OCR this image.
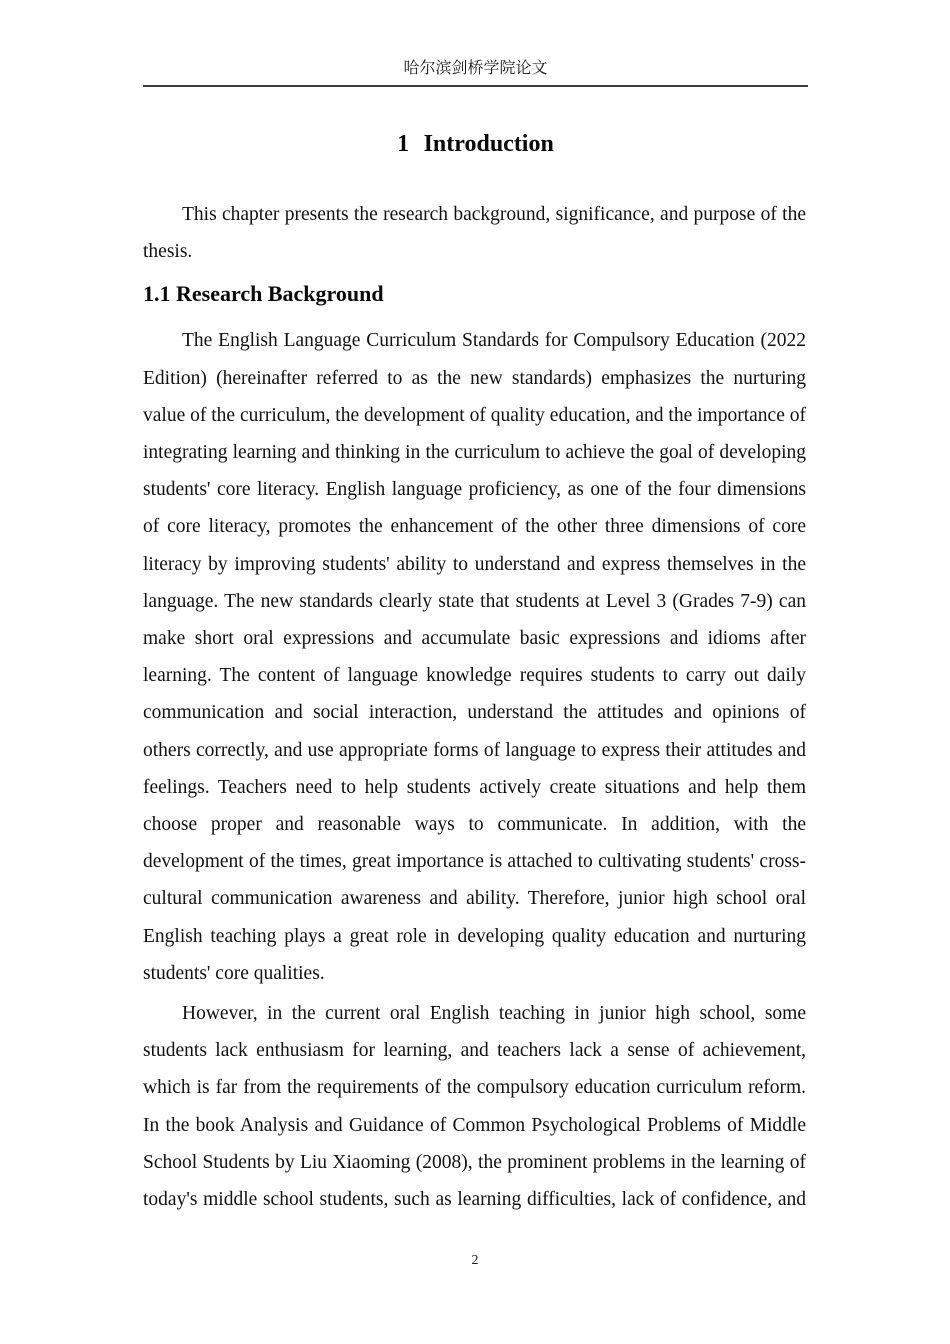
哈尔滨剑桥学院论文
1 Introduction

This chapter presents the research background, significance, and purpose of the thesis.

1.1 Research Background

The English Language Curriculum Standards for Compulsory Education (2022 Edition) (hereinafter referred to as the new standards) emphasizes the nurturing value of the curriculum, the development of quality education, and the importance of integrating learning and thinking in the curriculum to achieve the goal of developing students' core literacy. English language proficiency, as one of the four dimensions of core literacy, promotes the enhancement of the other three dimensions of core literacy by improving students' ability to understand and express themselves in the language. The new standards clearly state that students at Level 3 (Grades 7-9) can make short oral expressions and accumulate basic expressions and idioms after learning. The content of language knowledge requires students to carry out daily communication and social interaction, understand the attitudes and opinions of others correctly, and use appropriate forms of language to express their attitudes and feelings. Teachers need to help students actively create situations and help them choose proper and reasonable ways to communicate. In addition, with the development of the times, great importance is attached to cultivating students' cross-cultural communication awareness and ability. Therefore, junior high school oral English teaching plays a great role in developing quality education and nurturing students' core qualities.

However, in the current oral English teaching in junior high school, some students lack enthusiasm for learning, and teachers lack a sense of achievement, which is far from the requirements of the compulsory education curriculum reform. In the book Analysis and Guidance of Common Psychological Problems of Middle School Students by Liu Xiaoming (2008), the prominent problems in the learning of today's middle school students, such as learning difficulties, lack of confidence, and

2
